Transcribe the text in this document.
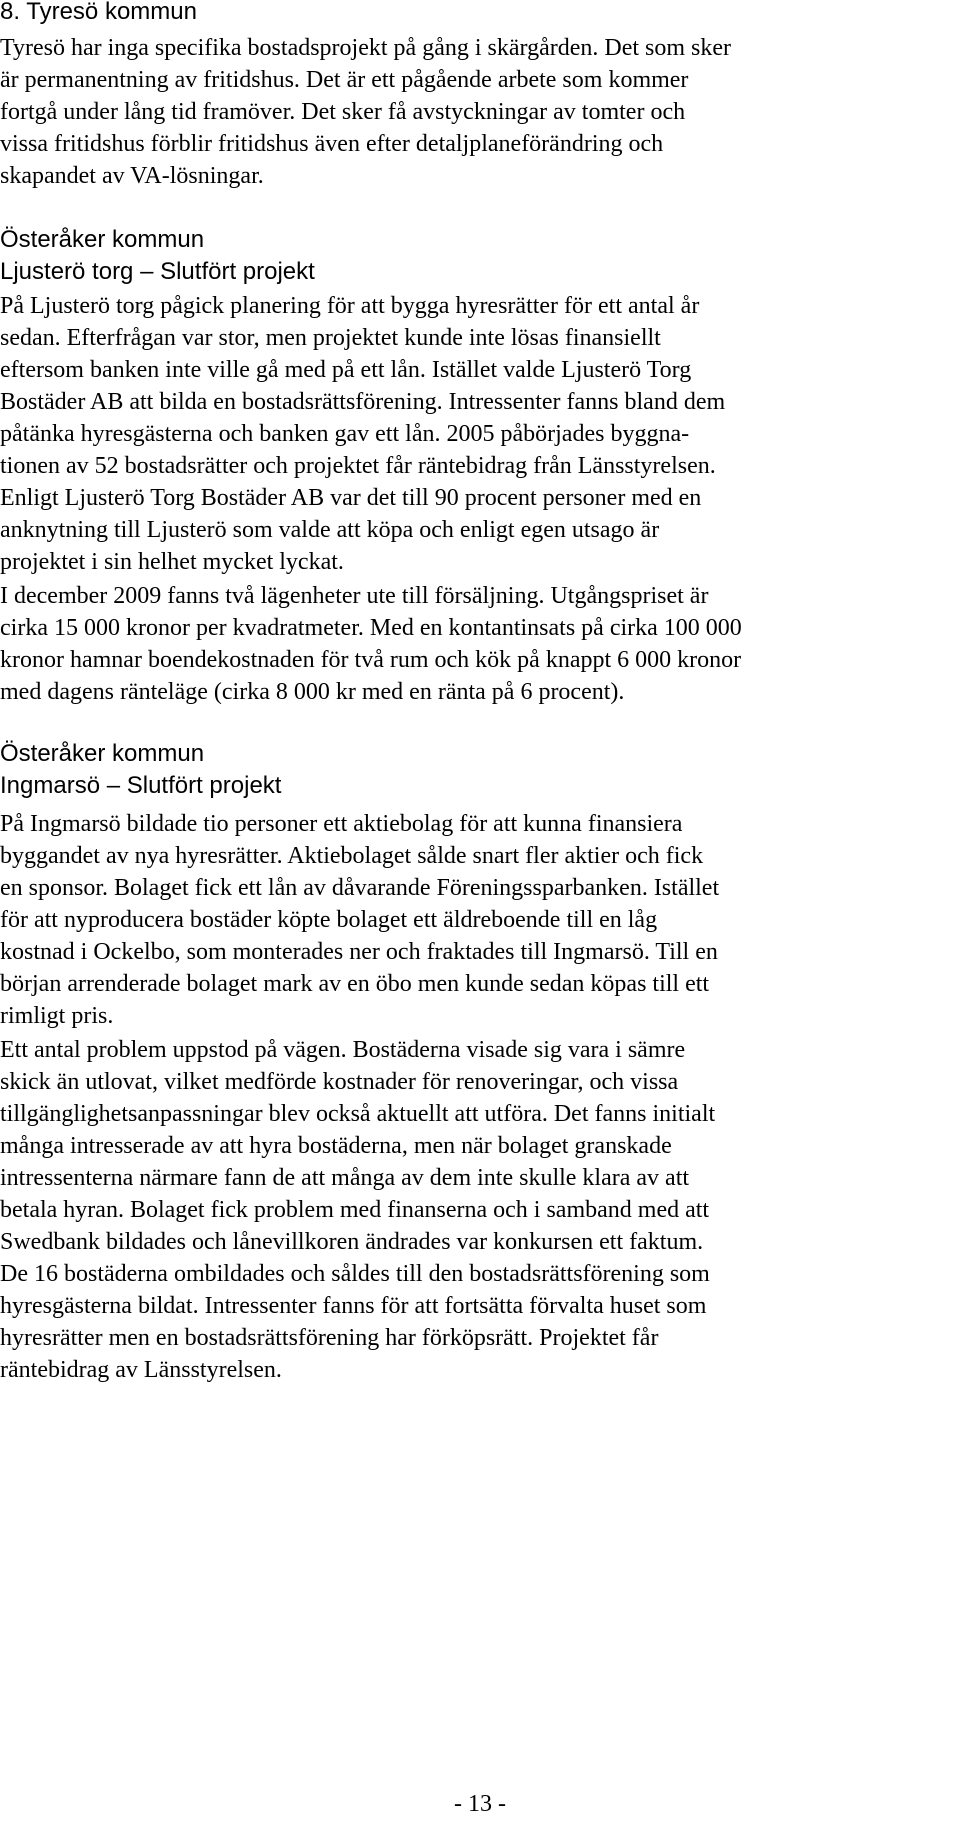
8. Tyresö kommun
Tyresö har inga specifika bostadsprojekt på gång i skärgården. Det som sker
är permanentning av fritidshus. Det är ett pågående arbete som kommer
fortgå under lång tid framöver. Det sker få avstyckningar av tomter och
vissa fritidshus förblir fritidshus även efter detaljplaneförändring och
skapandet av VA-lösningar.
Österåker kommun
Ljusterö torg – Slutfört projekt
På Ljusterö torg pågick planering för att bygga hyresrätter för ett antal år
sedan. Efterfrågan var stor, men projektet kunde inte lösas finansiellt
eftersom banken inte ville gå med på ett lån. Istället valde Ljusterö Torg
Bostäder AB att bilda en bostadsrättsförening. Intressenter fanns bland dem
påtänka hyresgästerna och banken gav ett lån. 2005 påbörjades byggna-
tionen av 52 bostadsrätter och projektet får räntebidrag från Länsstyrelsen.
Enligt Ljusterö Torg Bostäder AB var det till 90 procent personer med en
anknytning till Ljusterö som valde att köpa och enligt egen utsago är
projektet i sin helhet mycket lyckat.
I december 2009 fanns två lägenheter ute till försäljning. Utgångspriset är
cirka 15 000 kronor per kvadratmeter. Med en kontantinsats på cirka 100 000
kronor hamnar boendekostnaden för två rum och kök på knappt 6 000 kronor
med dagens ränteläge (cirka 8 000 kr med en ränta på 6 procent).
Österåker kommun
Ingmarsö – Slutfört projekt
På Ingmarsö bildade tio personer ett aktiebolag för att kunna finansiera
byggandet av nya hyresrätter. Aktiebolaget sålde snart fler aktier och fick
en sponsor. Bolaget fick ett lån av dåvarande Föreningssparbanken. Istället
för att nyproducera bostäder köpte bolaget ett äldreboende till en låg
kostnad i Ockelbo, som monterades ner och fraktades till Ingmarsö. Till en
början arrenderade bolaget mark av en öbo men kunde sedan köpas till ett
rimligt pris.
Ett antal problem uppstod på vägen. Bostäderna visade sig vara i sämre
skick än utlovat, vilket medförde kostnader för renoveringar, och vissa
tillgänglighetsanpassningar blev också aktuellt att utföra. Det fanns initialt
många intresserade av att hyra bostäderna, men när bolaget granskade
intressenterna närmare fann de att många av dem inte skulle klara av att
betala hyran. Bolaget fick problem med finanserna och i samband med att
Swedbank bildades och lånevillkoren ändrades var konkursen ett faktum.
De 16 bostäderna ombildades och såldes till den bostadsrättsförening som
hyresgästerna bildat. Intressenter fanns för att fortsätta förvalta huset som
hyresrätter men en bostadsrättsförening har förköpsrätt. Projektet får
räntebidrag av Länsstyrelsen.
- 13 -
